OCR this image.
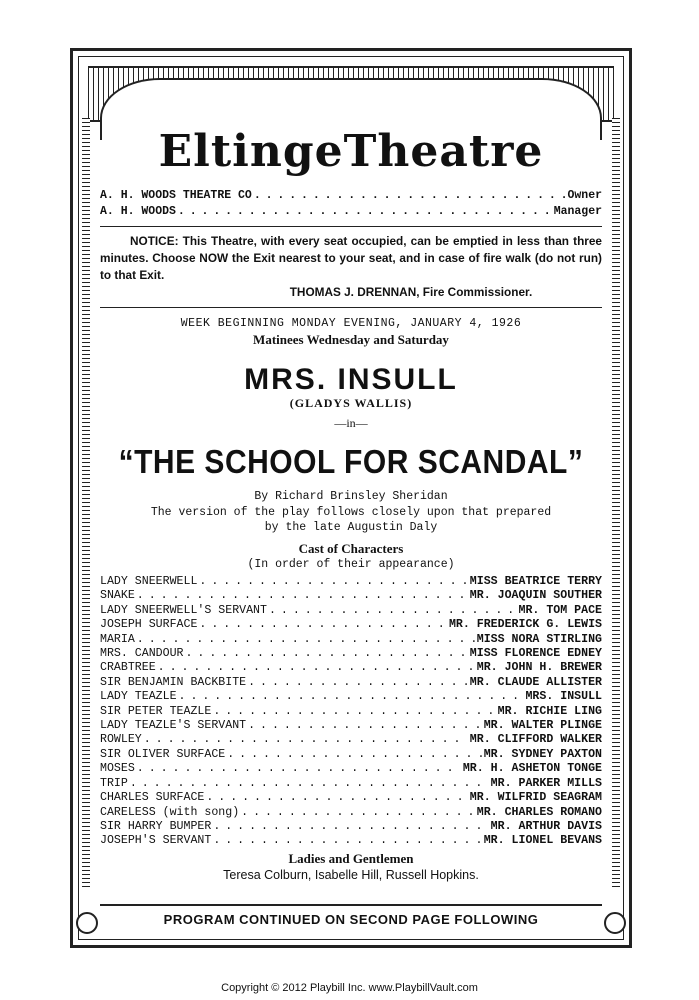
EltingeTheatre
A. H. WOODS THEATRE CO . . .	Owner
A. H. WOODS . . .	Manager

NOTICE: This Theatre, with every seat occupied, can be emptied in less than three minutes. Choose NOW the Exit nearest to your seat, and in case of fire walk (do not run) to that Exit.

THOMAS J. DRENNAN, Fire Commissioner.
WEEK BEGINNING MONDAY EVENING, JANUARY 4, 1926
Matinees Wednesday and Saturday
MRS. INSULL
(GLADYS WALLIS)
—in—
“THE SCHOOL FOR SCANDAL”
By Richard Brinsley Sheridan
The version of the play follows closely upon that prepared
by the late Augustin Daly
Cast of Characters
(In order of their appearance)
LADY SNEERWELL . . .	MISS BEATRICE TERRY
SNAKE . . .	MR. JOAQUIN SOUTHER
LADY SNEERWELL'S SERVANT . . .	MR. TOM PACE
JOSEPH SURFACE . . .	MR. FREDERICK G. LEWIS
MARIA . . .	MISS NORA STIRLING
MRS. CANDOUR . . .	MISS FLORENCE EDNEY
CRABTREE . . .	MR. JOHN H. BREWER
SIR BENJAMIN BACKBITE . . .	MR. CLAUDE ALLISTER
LADY TEAZLE . . .	MRS. INSULL
SIR PETER TEAZLE . . .	MR. RICHIE LING
LADY TEAZLE'S SERVANT . . .	MR. WALTER PLINGE
ROWLEY . . .	MR. CLIFFORD WALKER
SIR OLIVER SURFACE . . .	MR. SYDNEY PAXTON
MOSES . . .	MR. H. ASHETON TONGE
TRIP . . .	MR. PARKER MILLS
CHARLES SURFACE . . .	MR. WILFRID SEAGRAM
CARELESS (with song) . . .	MR. CHARLES ROMANO
SIR HARRY BUMPER . . .	MR. ARTHUR DAVIS
JOSEPH'S SERVANT . . .	MR. LIONEL BEVANS
Ladies and Gentlemen
Teresa Colburn, Isabelle Hill, Russell Hopkins.
PROGRAM CONTINUED ON SECOND PAGE FOLLOWING
Copyright © 2012 Playbill Inc. www.PlaybillVault.com
